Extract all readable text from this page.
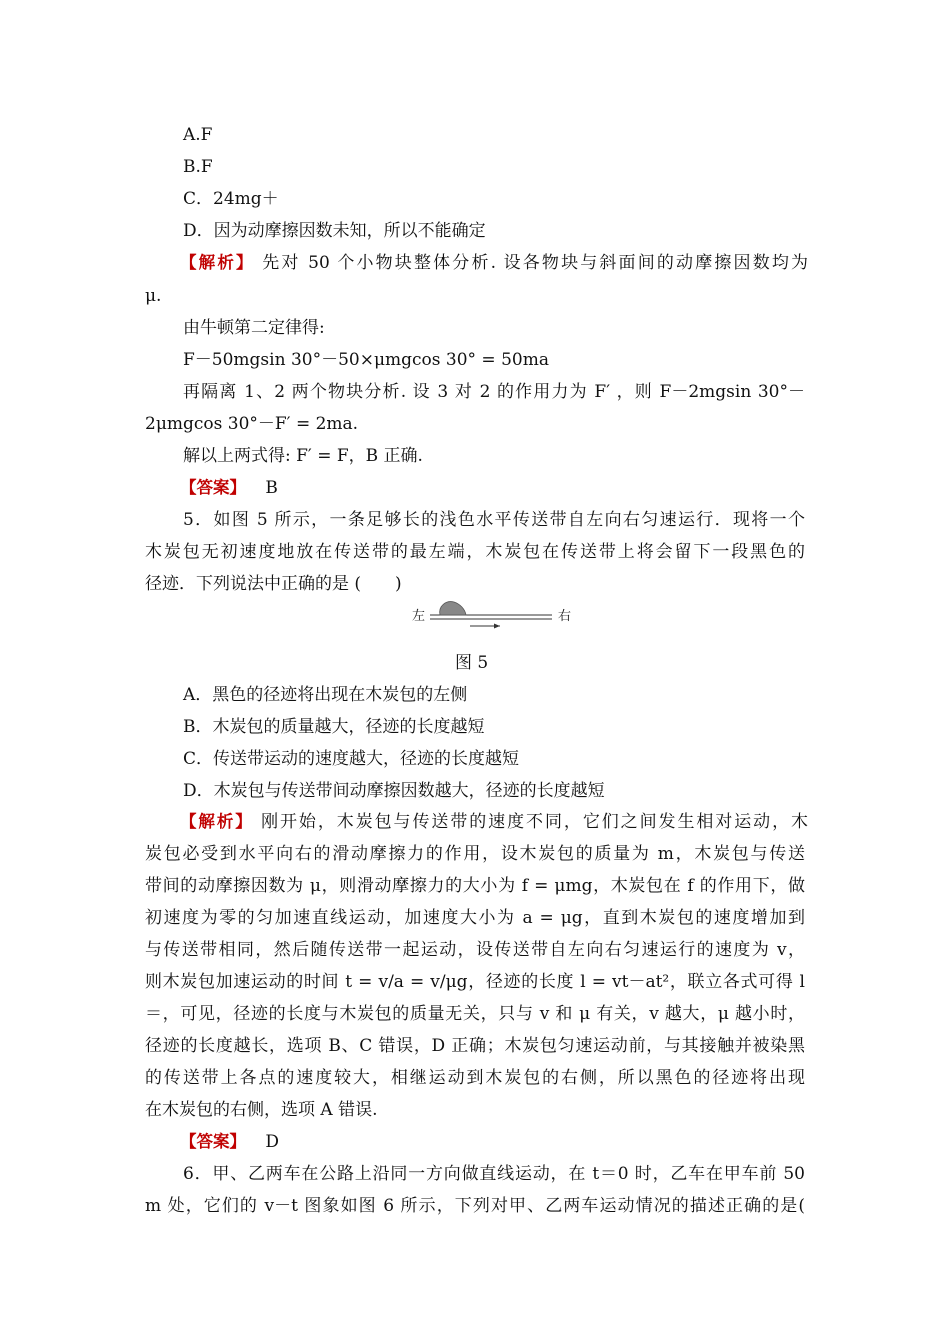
A.F
B.F
C．24mg＋
D．因为动摩擦因数未知，所以不能确定
【解析】 先对 50 个小物块整体分析. 设各物块与斜面间的动摩擦因数均为
μ.
由牛顿第二定律得:
F－50mgsin 30°－50×μmgcos 30° = 50ma
再隔离 1、2 两个物块分析. 设 3 对 2 的作用力为 F′ ，则 F－2mgsin 30°－
2μmgcos 30°－F′ = 2ma.
解以上两式得: F′ = F，B 正确.
【答案】 B
5．如图 5 所示，一条足够长的浅色水平传送带自左向右匀速运行．现将一个
木炭包无初速度地放在传送带的最左端，木炭包在传送带上将会留下一段黑色的
径迹．下列说法中正确的是 (　　)
左	右
图 5
A．黑色的径迹将出现在木炭包的左侧
B．木炭包的质量越大，径迹的长度越短
C．传送带运动的速度越大，径迹的长度越短
D．木炭包与传送带间动摩擦因数越大，径迹的长度越短
【解析】 刚开始，木炭包与传送带的速度不同，它们之间发生相对运动，木
炭包必受到水平向右的滑动摩擦力的作用，设木炭包的质量为 m，木炭包与传送
带间的动摩擦因数为 μ，则滑动摩擦力的大小为 f = μmg，木炭包在 f 的作用下，做
初速度为零的匀加速直线运动，加速度大小为 a = μg，直到木炭包的速度增加到
与传送带相同，然后随传送带一起运动，设传送带自左向右匀速运行的速度为 v，
则木炭包加速运动的时间 t = v/a = v/μg，径迹的长度 l = vt－at²，联立各式可得 l
＝，可见，径迹的长度与木炭包的质量无关，只与 v 和 μ 有关，v 越大，μ 越小时，
径迹的长度越长，选项 B、C 错误，D 正确；木炭包匀速运动前，与其接触并被染黑
的传送带上各点的速度较大，相继运动到木炭包的右侧，所以黑色的径迹将出现
在木炭包的右侧，选项 A 错误.
【答案】 D
6．甲、乙两车在公路上沿同一方向做直线运动，在 t＝0 时，乙车在甲车前 50
m 处，它们的 v－t 图象如图 6 所示，下列对甲、乙两车运动情况的描述正确的是(
